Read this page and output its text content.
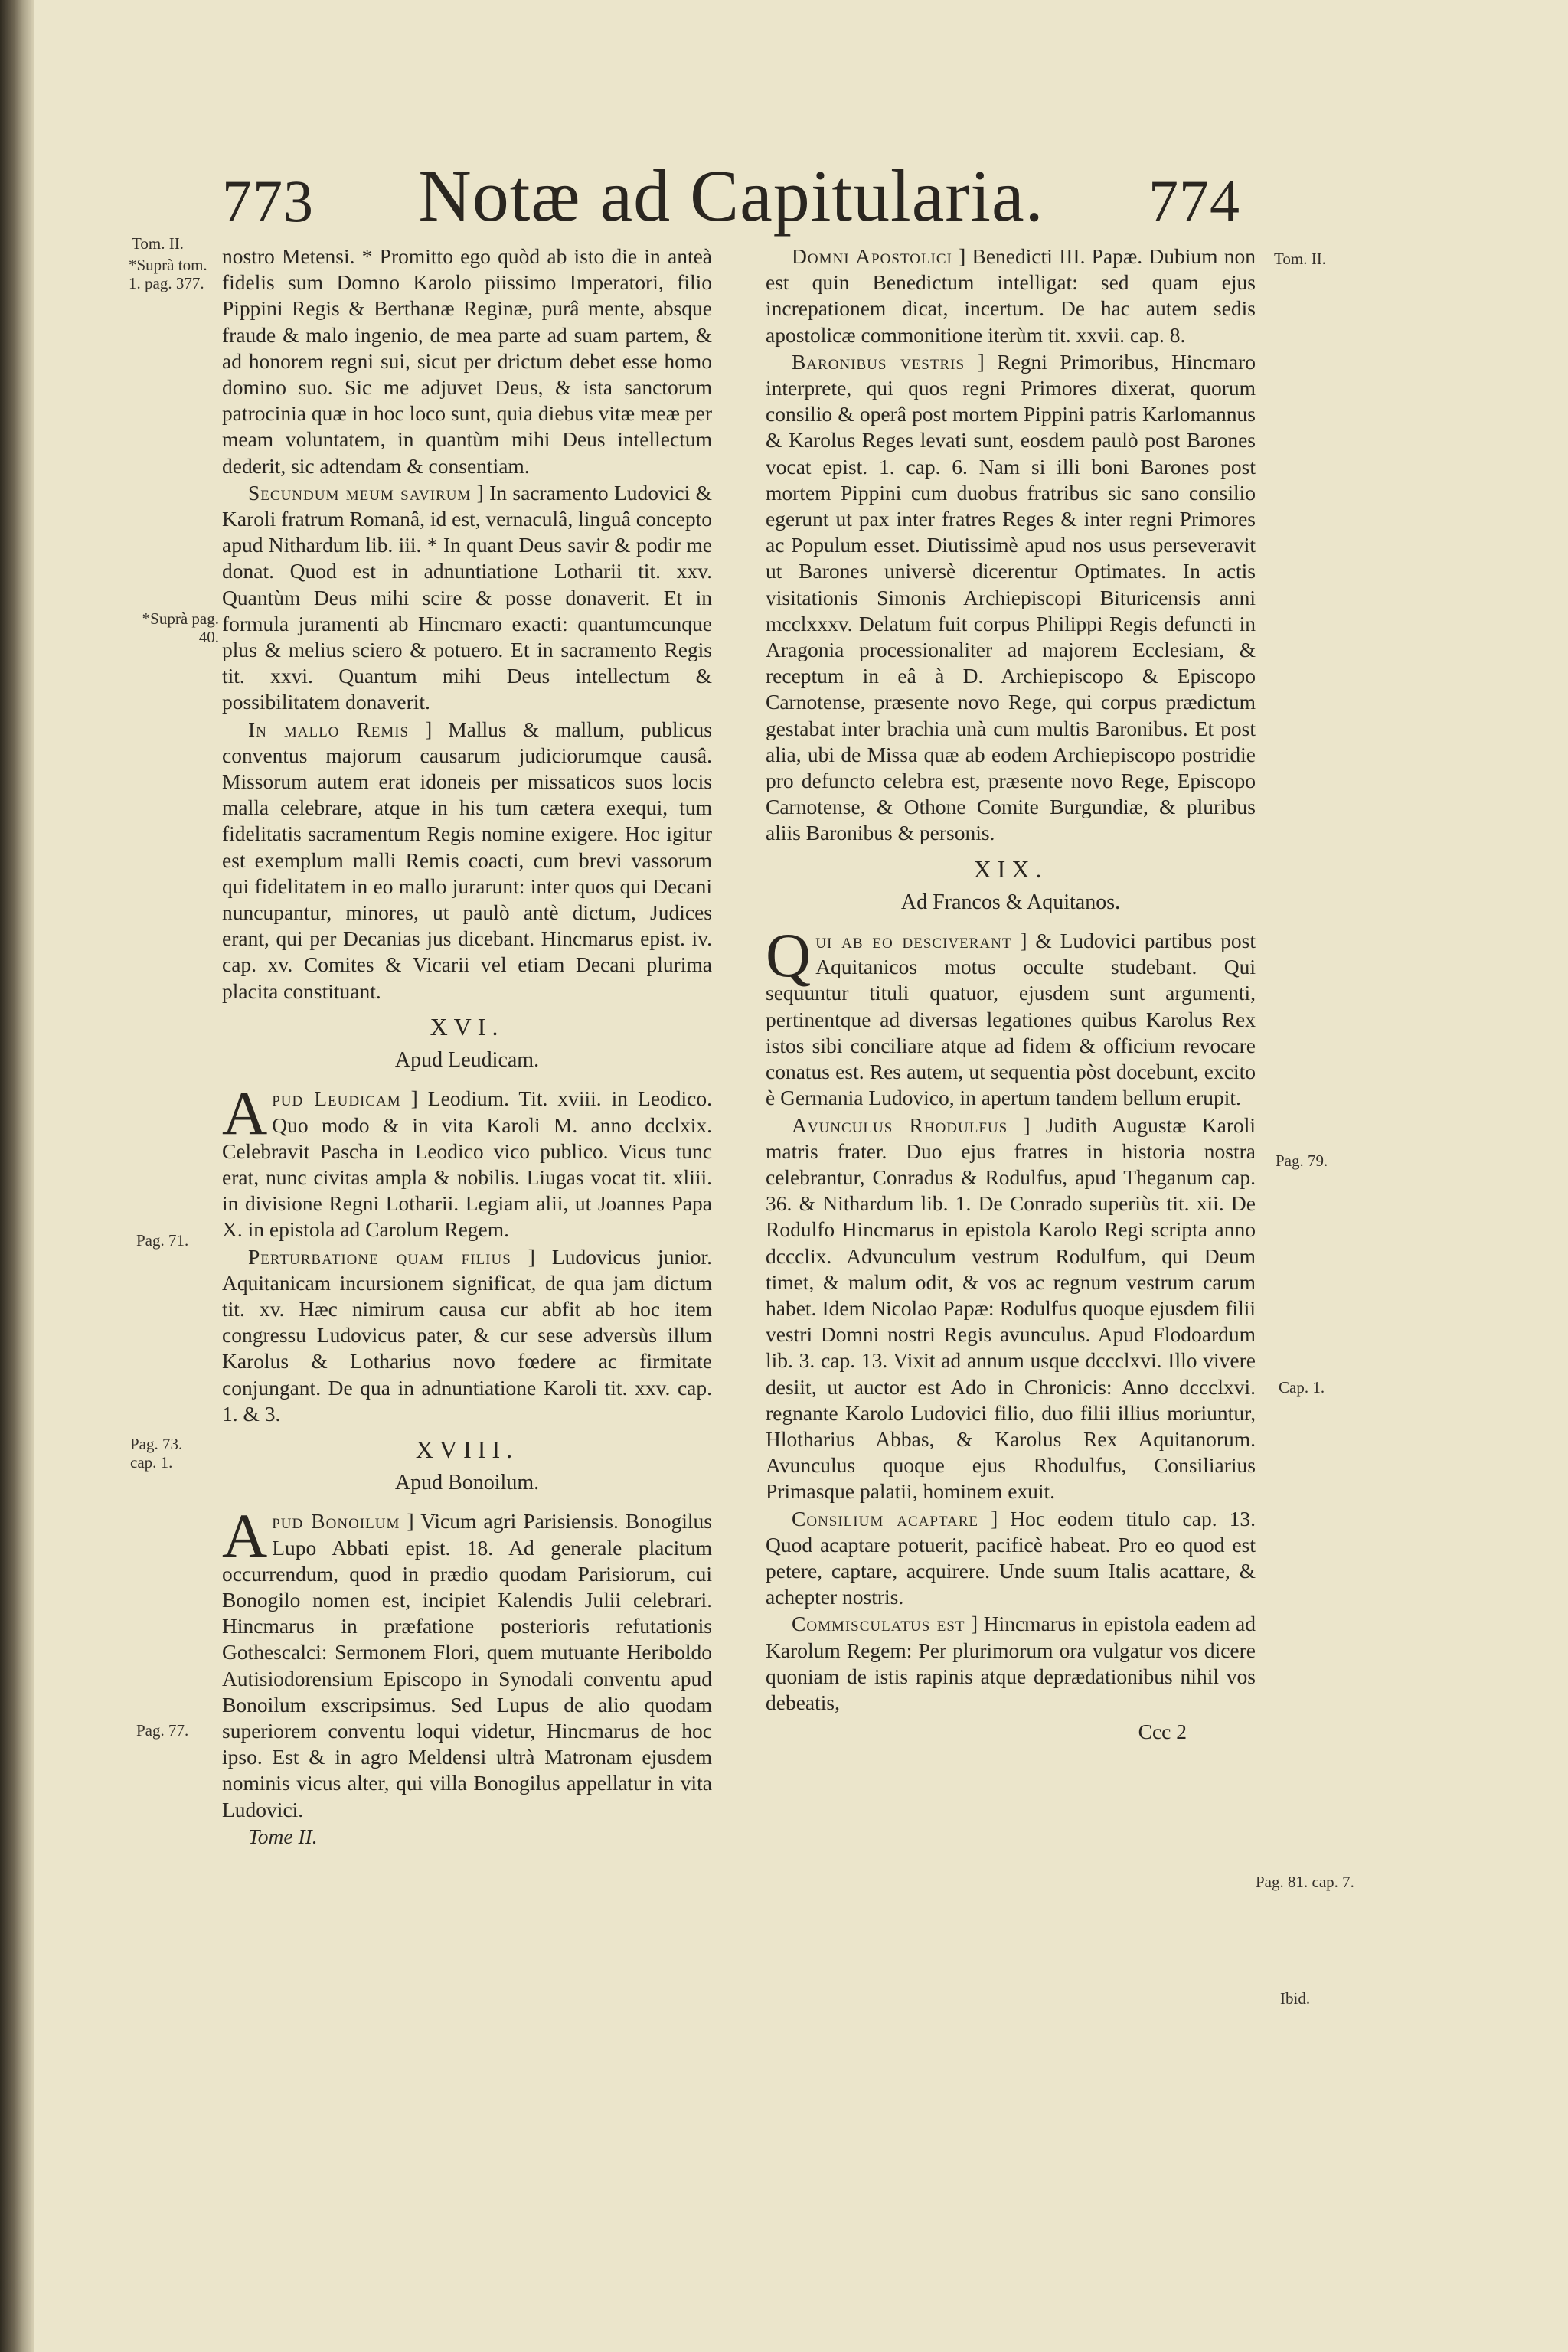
773	Notæ ad Capitularia.	774
Tom. II.
*Suprà tom. 1. pag. 377.
*Suprà pag. 40.
Pag. 71.
Pag. 73. cap. 1.
Pag. 77.
Tom. II.
Pag. 79.
Cap. 1.
Pag. 81. cap. 7.
Ibid.

nostro Metensi. * Promitto ego quòd ab isto die in anteà fidelis sum Domno Karolo piissimo Imperatori, filio Pippini Regis & Berthanæ Reginæ, purâ mente, absque fraude & malo ingenio, de mea parte ad suam partem, & ad honorem regni sui, sicut per drictum debet esse homo domino suo. Sic me adjuvet Deus, & ista sanctorum patrocinia quæ in hoc loco sunt, quia diebus vitæ meæ per meam voluntatem, in quantùm mihi Deus intellectum dederit, sic adtendam & consentiam.

Secundum meum savirum ] In sacramento Ludovici & Karoli fratrum Romanâ, id est, vernaculâ, linguâ concepto apud Nithardum lib. iii. * In quant Deus savir & podir me donat. Quod est in adnuntiatione Lotharii tit. xxv. Quantùm Deus mihi scire & posse donaverit. Et in formula juramenti ab Hincmaro exacti: quantumcunque plus & melius sciero & potuero. Et in sacramento Regis tit. xxvi. Quantum mihi Deus intellectum & possibilitatem donaverit.

In mallo Remis ] Mallus & mallum, publicus conventus majorum causarum judiciorumque causâ. Missorum autem erat idoneis per missaticos suos locis malla celebrare, atque in his tum cætera exequi, tum fidelitatis sacramentum Regis nomine exigere. Hoc igitur est exemplum malli Remis coacti, cum brevi vassorum qui fidelitatem in eo mallo jurarunt: inter quos qui Decani nuncupantur, minores, ut paulò antè dictum, Judices erant, qui per Decanias jus dicebant. Hincmarus epist. iv. cap. xv. Comites & Vicarii vel etiam Decani plurima placita constituant.

XVI.
Apud Leudicam.

Apud Leudicam ] Leodium. Tit. xviii. in Leodico. Quo modo & in vita Karoli M. anno dcclxix. Celebravit Pascha in Leodico vico publico. Vicus tunc erat, nunc civitas ampla & nobilis. Liugas vocat tit. xliii. in divisione Regni Lotharii. Legiam alii, ut Joannes Papa X. in epistola ad Carolum Regem.

Perturbatione quam filius ] Ludovicus junior. Aquitanicam incursionem significat, de qua jam dictum tit. xv. Hæc nimirum causa cur abfit ab hoc item congressu Ludovicus pater, & cur sese adversùs illum Karolus & Lotharius novo fœdere ac firmitate conjungant. De qua in adnuntiatione Karoli tit. xxv. cap. 1. & 3.

XVIII.
Apud Bonoilum.

Apud Bonoilum ] Vicum agri Parisiensis. Bonogilus Lupo Abbati epist. 18. Ad generale placitum occurrendum, quod in prædio quodam Parisiorum, cui Bonogilo nomen est, incipiet Kalendis Julii celebrari. Hincmarus in præfatione posterioris refutationis Gothescalci: Sermonem Flori, quem mutuante Heriboldo Autisiodorensium Episcopo in Synodali conventu apud Bonoilum exscripsimus. Sed Lupus de alio quodam superiorem conventu loqui videtur, Hincmarus de hoc ipso. Est & in agro Meldensi ultrà Matronam ejusdem nominis vicus alter, qui villa Bonogilus appellatur in vita Ludovici.

Tome II.

Domni Apostolici ] Benedicti III. Papæ. Dubium non est quin Benedictum intelligat: sed quam ejus increpationem dicat, incertum. De hac autem sedis apostolicæ commonitione iterùm tit. xxvii. cap. 8.

Baronibus vestris ] Regni Primoribus, Hincmaro interprete, qui quos regni Primores dixerat, quorum consilio & operâ post mortem Pippini patris Karlomannus & Karolus Reges levati sunt, eosdem paulò post Barones vocat epist. 1. cap. 6. Nam si illi boni Barones post mortem Pippini cum duobus fratribus sic sano consilio egerunt ut pax inter fratres Reges & inter regni Primores ac Populum esset. Diutissimè apud nos usus perseveravit ut Barones universè dicerentur Optimates. In actis visitationis Simonis Archiepiscopi Bituricensis anni mcclxxxv. Delatum fuit corpus Philippi Regis defuncti in Aragonia processionaliter ad majorem Ecclesiam, & receptum in eâ à D. Archiepiscopo & Episcopo Carnotense, præsente novo Rege, qui corpus prædictum gestabat inter brachia unà cum multis Baronibus. Et post alia, ubi de Missa quæ ab eodem Archiepiscopo postridie pro defuncto celebra est, præsente novo Rege, Episcopo Carnotense, & Othone Comite Burgundiæ, & pluribus aliis Baronibus & personis.

XIX.
Ad Francos & Aquitanos.

Qui ab eo desciverant ] & Ludovici partibus post Aquitanicos motus occulte studebant. Qui sequuntur tituli quatuor, ejusdem sunt argumenti, pertinentque ad diversas legationes quibus Karolus Rex istos sibi conciliare atque ad fidem & officium revocare conatus est. Res autem, ut sequentia pòst docebunt, excito è Germania Ludovico, in apertum tandem bellum erupit.

Avunculus Rhodulfus ] Judith Augustæ Karoli matris frater. Duo ejus fratres in historia nostra celebrantur, Conradus & Rodulfus, apud Theganum cap. 36. & Nithardum lib. 1. De Conrado superiùs tit. xii. De Rodulfo Hincmarus in epistola Karolo Regi scripta anno dccclix. Advunculum vestrum Rodulfum, qui Deum timet, & malum odit, & vos ac regnum vestrum carum habet. Idem Nicolao Papæ: Rodulfus quoque ejusdem filii vestri Domni nostri Regis avunculus. Apud Flodoardum lib. 3. cap. 13. Vixit ad annum usque dccclxvi. Illo vivere desiit, ut auctor est Ado in Chronicis: Anno dccclxvi. regnante Karolo Ludovici filio, duo filii illius moriuntur, Hlotharius Abbas, & Karolus Rex Aquitanorum. Avunculus quoque ejus Rhodulfus, Consiliarius Primasque palatii, hominem exuit.

Consilium acaptare ] Hoc eodem titulo cap. 13. Quod acaptare potuerit, pacificè habeat. Pro eo quod est petere, captare, acquirere. Unde suum Italis acattare, & achepter nostris.

Commisculatus est ] Hincmarus in epistola eadem ad Karolum Regem: Per plurimorum ora vulgatur vos dicere quoniam de istis rapinis atque deprædationibus nihil vos debeatis,

Ccc 2
